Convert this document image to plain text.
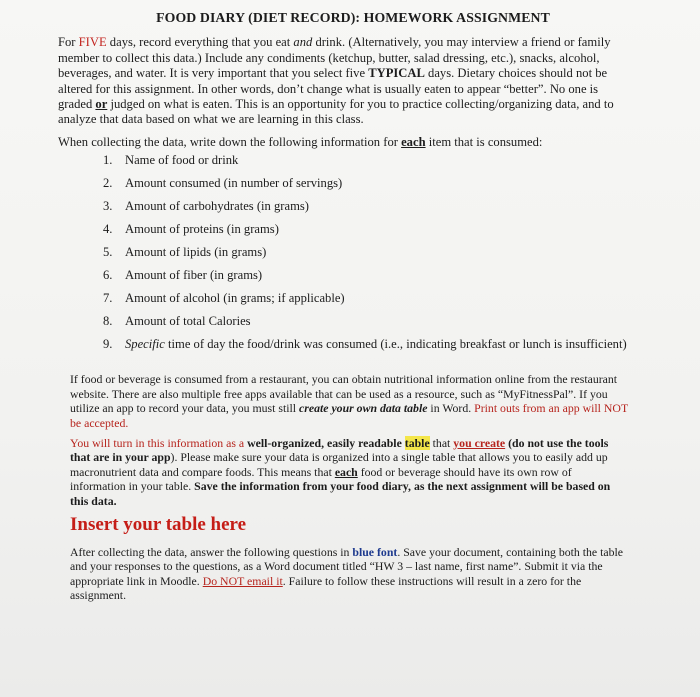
FOOD DIARY (DIET RECORD): HOMEWORK ASSIGNMENT

For FIVE days, record everything that you eat and drink. (Alternatively, you may interview a friend or family member to collect this data.) Include any condiments (ketchup, butter, salad dressing, etc.), snacks, alcohol, beverages, and water. It is very important that you select five TYPICAL days. Dietary choices should not be altered for this assignment. In other words, don’t change what is usually eaten to appear “better”. No one is graded or judged on what is eaten. This is an opportunity for you to practice collecting/organizing data, and to analyze that data based on what we are learning in this class.

When collecting the data, write down the following information for each item that is consumed:

1. Name of food or drink
2. Amount consumed (in number of servings)
3. Amount of carbohydrates (in grams)
4. Amount of proteins (in grams)
5. Amount of lipids (in grams)
6. Amount of fiber (in grams)
7. Amount of alcohol (in grams; if applicable)
8. Amount of total Calories
9. Specific time of day the food/drink was consumed (i.e., indicating breakfast or lunch is insufficient)

If food or beverage is consumed from a restaurant, you can obtain nutritional information online from the restaurant website. There are also multiple free apps available that can be used as a resource, such as “MyFitnessPal”. If you utilize an app to record your data, you must still create your own data table in Word. Print outs from an app will NOT be accepted.

You will turn in this information as a well-organized, easily readable table that you create (do not use the tools that are in your app). Please make sure your data is organized into a single table that allows you to easily add up macronutrient data and compare foods. This means that each food or beverage should have its own row of information in your table. Save the information from your food diary, as the next assignment will be based on this data.

Insert your table here

After collecting the data, answer the following questions in blue font. Save your document, containing both the table and your responses to the questions, as a Word document titled “HW 3 – last name, first name”. Submit it via the appropriate link in Moodle. Do NOT email it. Failure to follow these instructions will result in a zero for the assignment.
